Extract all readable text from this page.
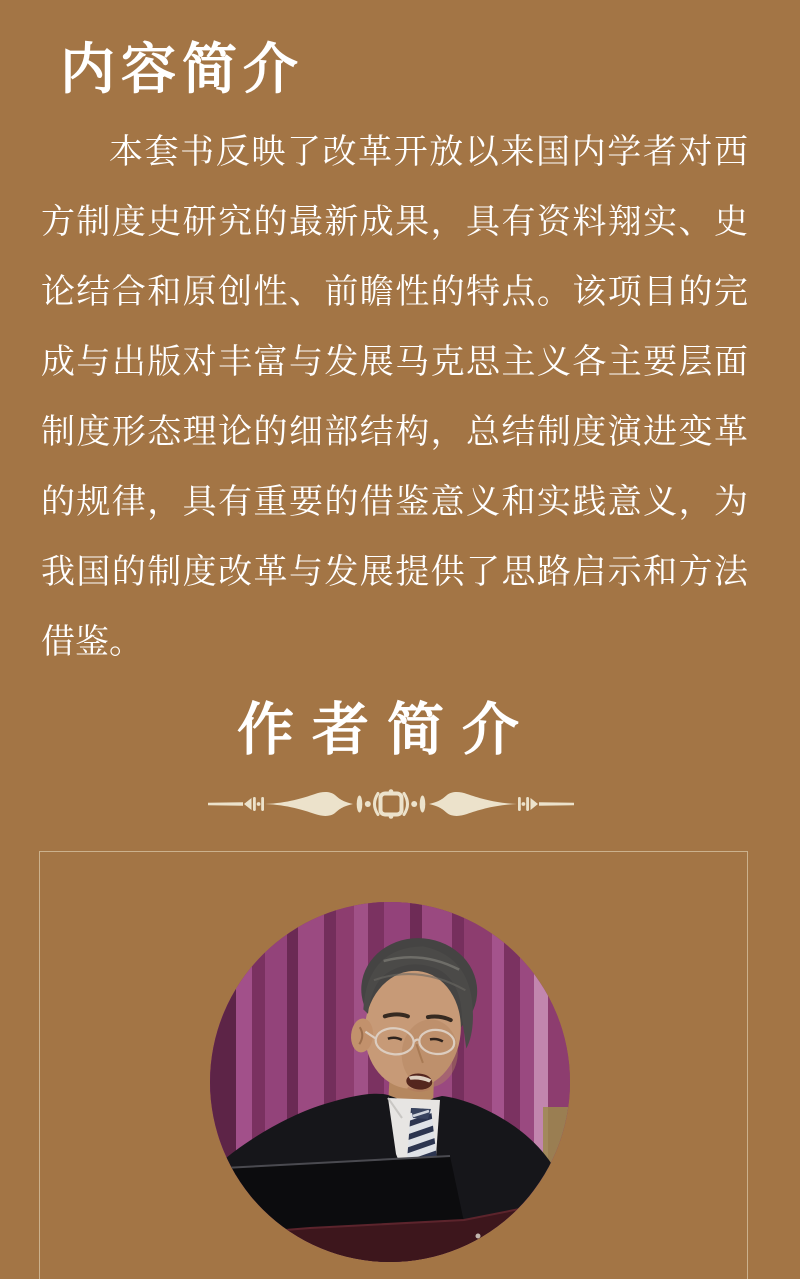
内容简介

本套书反映了改革开放以来国内学者对西方制度史研究的最新成果，具有资料翔实、史论结合和原创性、前瞻性的特点。该项目的完成与出版对丰富与发展马克思主义各主要层面制度形态理论的细部结构，总结制度演进变革的规律，具有重要的借鉴意义和实践意义，为我国的制度改革与发展提供了思路启示和方法借鉴。

作者简介
